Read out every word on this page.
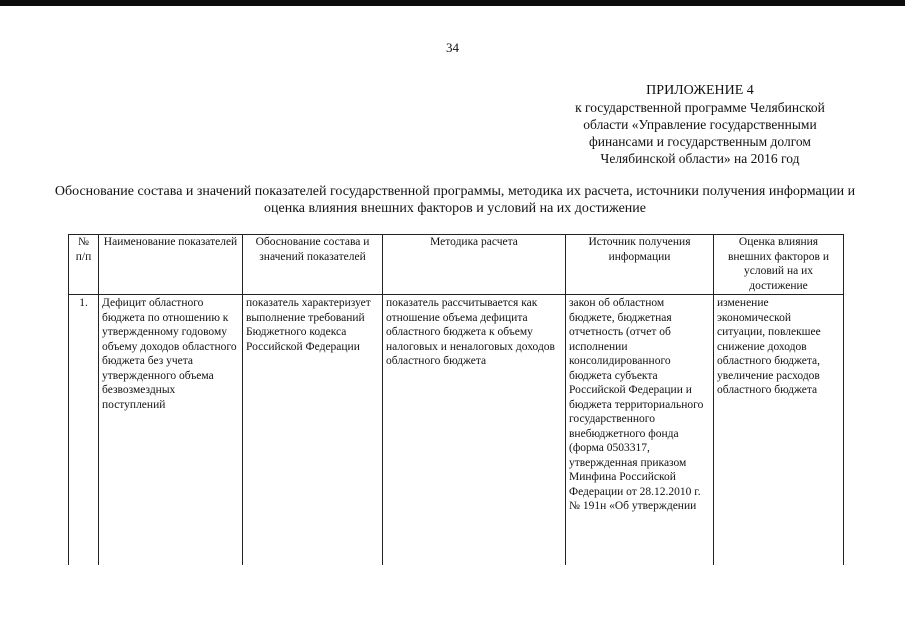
34
ПРИЛОЖЕНИЕ 4
к государственной программе Челябинской
области «Управление государственными
финансами и государственным долгом
Челябинской области» на 2016 год
Обоснование состава и значений показателей государственной программы, методика их расчета, источники получения информации и оценка влияния внешних факторов и условий на их достижение
№ п/п	Наименование показателей	Обоснование состава и значений показателей	Методика расчета	Источник получения информации	Оценка влияния внешних факторов и условий на их достижение
1.	Дефицит областного бюджета по отношению к утвержденному годовому объему доходов областного бюджета без учета утвержденного объема безвозмездных поступлений	показатель характеризует выполнение требований Бюджетного кодекса Российской Федерации	показатель рассчитывается как отношение объема дефицита областного бюджета к объему налоговых и неналоговых доходов областного бюджета	закон об областном бюджете, бюджетная отчетность (отчет об исполнении консолидированного бюджета субъекта Российской Федерации и бюджета территориального государственного внебюджетного фонда (форма 0503317, утвержденная приказом Минфина Российской Федерации от 28.12.2010 г. № 191н «Об утверждении	изменение экономической ситуации, повлекшее снижение доходов областного бюджета, увеличение расходов областного бюджета
